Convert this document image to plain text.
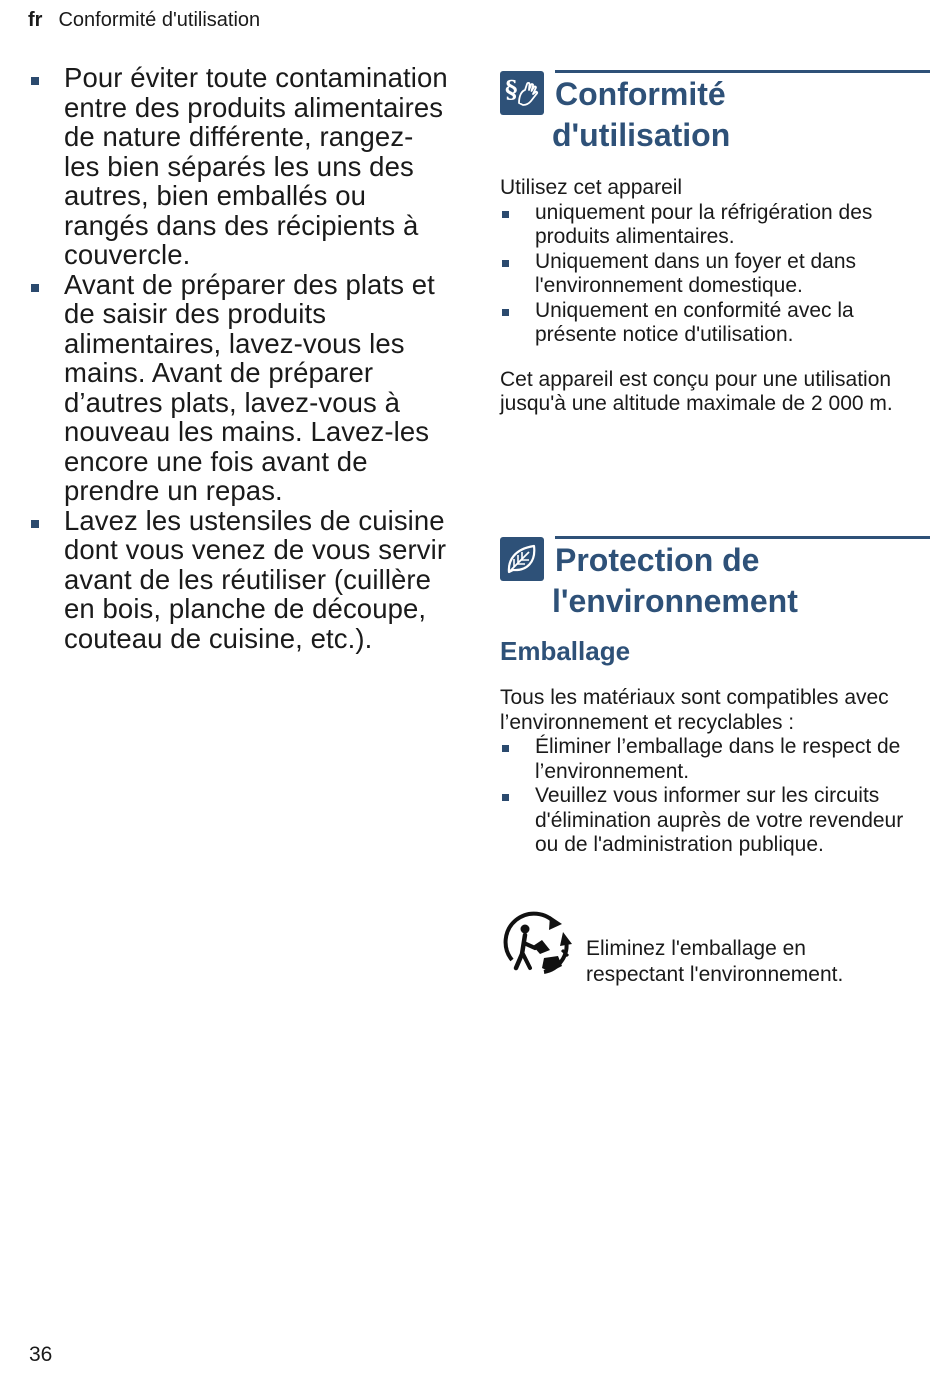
fr Conformité d'utilisation
Pour éviter toute contamination entre des produits alimentaires de nature différente, rangez-les bien séparés les uns des autres, bien emballés ou rangés dans des récipients à couvercle.
Avant de préparer des plats et de saisir des produits alimentaires, lavez-vous les mains. Avant de préparer d’autres plats, lavez-vous à nouveau les mains. Lavez-les encore une fois avant de prendre un repas.
Lavez les ustensiles de cuisine dont vous venez de vous servir avant de les réutiliser (cuillère en bois, planche de découpe, couteau de cuisine, etc.).
§ Conformité
d'utilisation

Utilisez cet appareil

uniquement pour la réfrigération des produits alimentaires.
Uniquement dans un foyer et dans l'environnement domestique.
Uniquement en conformité avec la présente notice d'utilisation.

Cet appareil est conçu pour une utilisation jusqu'à une altitude maximale de 2 000 m.

Protection de
l'environnement
Emballage

Tous les matériaux sont compatibles avec l’environnement et recyclables :

Éliminer l’emballage dans le respect de l’environnement.
Veuillez vous informer sur les circuits d'élimination auprès de votre revendeur ou de l'administration publique.
Eliminez l'emballage en
respectant l'environnement.
36
